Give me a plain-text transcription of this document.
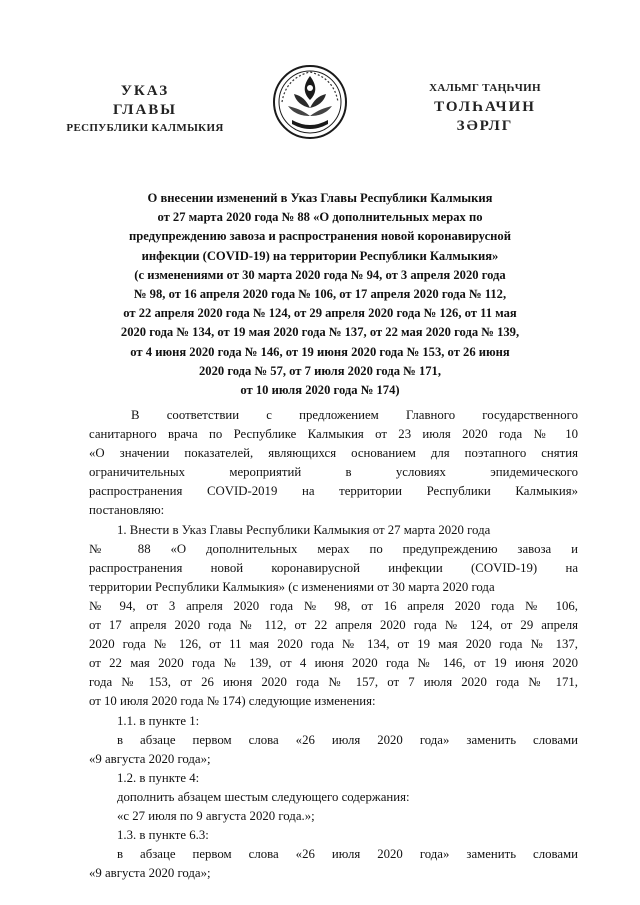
УКАЗ
ГЛАВЫ
РЕСПУБЛИКИ КАЛМЫКИЯ
ХАЛЬМГ ТАҢҺЧИН
ТОЛҺАЧИН
ЗӘРЛГ
О внесении изменений в Указ Главы Республики Калмыкия
от 27 марта 2020 года № 88 «О дополнительных мерах по
предупреждению завоза и распространения новой коронавирусной
инфекции (COVID-19) на территории Республики Калмыкия»
(с изменениями от 30 марта 2020 года № 94, от 3 апреля 2020 года
№ 98, от 16 апреля 2020 года № 106, от 17 апреля 2020 года № 112,
от 22 апреля 2020 года № 124, от 29 апреля 2020 года № 126, от 11 мая
2020 года № 134, от 19 мая 2020 года № 137, от 22 мая 2020 года № 139,
от 4 июня 2020 года № 146, от 19 июня 2020 года № 153, от 26 июня
2020 года № 57, от 7 июля 2020 года № 171,
от 10 июля 2020 года № 174)
В соответствии с предложением Главного государственного
санитарного врача по Республике Калмыкия от 23 июля 2020 года № 10
«О значении показателей, являющихся основанием для поэтапного снятия
ограничительных мероприятий в условиях эпидемического
распространения COVID-2019 на территории Республики Калмыкия»
постановляю:
1. Внести в Указ Главы Республики Калмыкия от 27 марта 2020 года
№ 88 «О дополнительных мерах по предупреждению завоза и
распространения новой коронавирусной инфекции (COVID-19) на
территории Республики Калмыкия» (с изменениями от 30 марта 2020 года
№ 94, от 3 апреля 2020 года № 98, от 16 апреля 2020 года № 106,
от 17 апреля 2020 года № 112, от 22 апреля 2020 года № 124, от 29 апреля
2020 года № 126, от 11 мая 2020 года № 134, от 19 мая 2020 года № 137,
от 22 мая 2020 года № 139, от 4 июня 2020 года № 146, от 19 июня 2020
года № 153, от 26 июня 2020 года № 157, от 7 июля 2020 года № 171,
от 10 июля 2020 года № 174) следующие изменения:
1.1. в пункте 1:
в абзаце первом слова «26 июля 2020 года» заменить словами
«9 августа 2020 года»;
1.2. в пункте 4:
дополнить абзацем шестым следующего содержания:
«с 27 июля по 9 августа 2020 года.»;
1.3. в пункте 6.3:
в абзаце первом слова «26 июля 2020 года» заменить словами
«9 августа 2020 года»;
